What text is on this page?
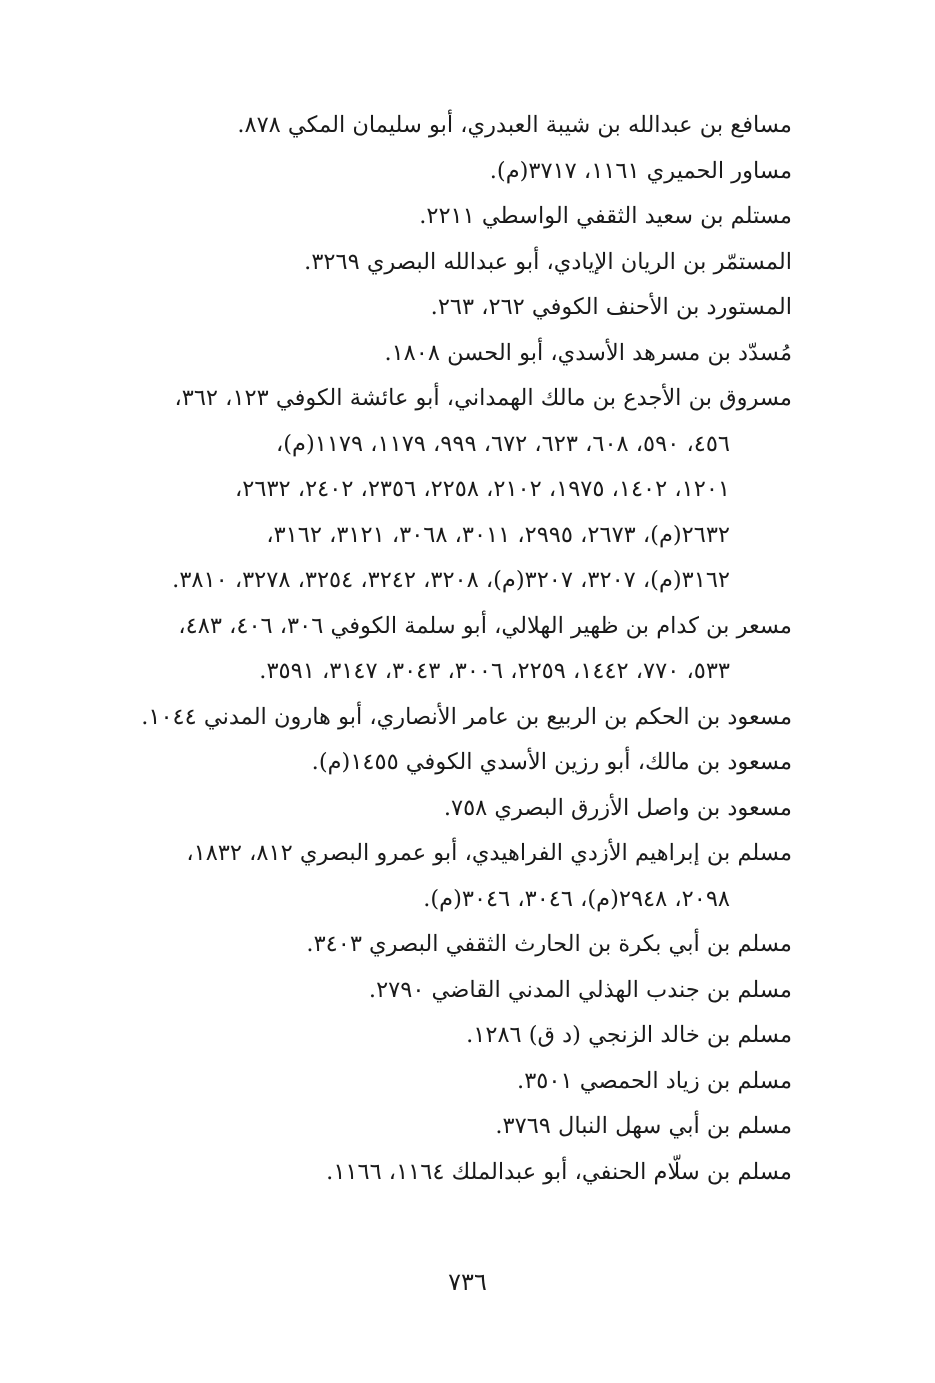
مسافع بن عبدالله بن شيبة العبدري، أبو سليمان المكي ٨٧٨.
مساور الحميري ١١٦١، ٣٧١٧(م).
مستلم بن سعيد الثقفي الواسطي ٢٢١١.
المستمّر بن الريان الإيادي، أبو عبدالله البصري ٣٢٦٩.
المستورد بن الأحنف الكوفي ٢٦٢، ٢٦٣.
مُسدّد بن مسرهد الأسدي، أبو الحسن ١٨٠٨.
مسروق بن الأجدع بن مالك الهمداني، أبو عائشة الكوفي ١٢٣، ٣٦٢،
٤٥٦، ٥٩٠، ٦٠٨، ٦٢٣، ٦٧٢، ٩٩٩، ١١٧٩، ١١٧٩(م)،
١٢٠١، ١٤٠٢، ١٩٧٥، ٢١٠٢، ٢٢٥٨، ٢٣٥٦، ٢٤٠٢، ٢٦٣٢،
٢٦٣٢(م)، ٢٦٧٣، ٢٩٩٥، ٣٠١١، ٣٠٦٨، ٣١٢١، ٣١٦٢،
٣١٦٢(م)، ٣٢٠٧، ٣٢٠٧(م)، ٣٢٠٨، ٣٢٤٢، ٣٢٥٤، ٣٢٧٨، ٣٨١٠.
مسعر بن كدام بن ظهير الهلالي، أبو سلمة الكوفي ٣٠٦، ٤٠٦، ٤٨٣،
٥٣٣، ٧٧٠، ١٤٤٢، ٢٢٥٩، ٣٠٠٦، ٣٠٤٣، ٣١٤٧، ٣٥٩١.
مسعود بن الحكم بن الربيع بن عامر الأنصاري، أبو هارون المدني ١٠٤٤.
مسعود بن مالك، أبو رزين الأسدي الكوفي ١٤٥٥(م).
مسعود بن واصل الأزرق البصري ٧٥٨.
مسلم بن إبراهيم الأزدي الفراهيدي، أبو عمرو البصري ٨١٢، ١٨٣٢،
٢٠٩٨، ٢٩٤٨(م)، ٣٠٤٦، ٣٠٤٦(م).
مسلم بن أبي بكرة بن الحارث الثقفي البصري ٣٤٠٣.
مسلم بن جندب الهذلي المدني القاضي ٢٧٩٠.
مسلم بن خالد الزنجي (د ق) ١٢٨٦.
مسلم بن زياد الحمصي ٣٥٠١.
مسلم بن أبي سهل النبال ٣٧٦٩.
مسلم بن سلّام الحنفي، أبو عبدالملك ١١٦٤، ١١٦٦.
٧٣٦
